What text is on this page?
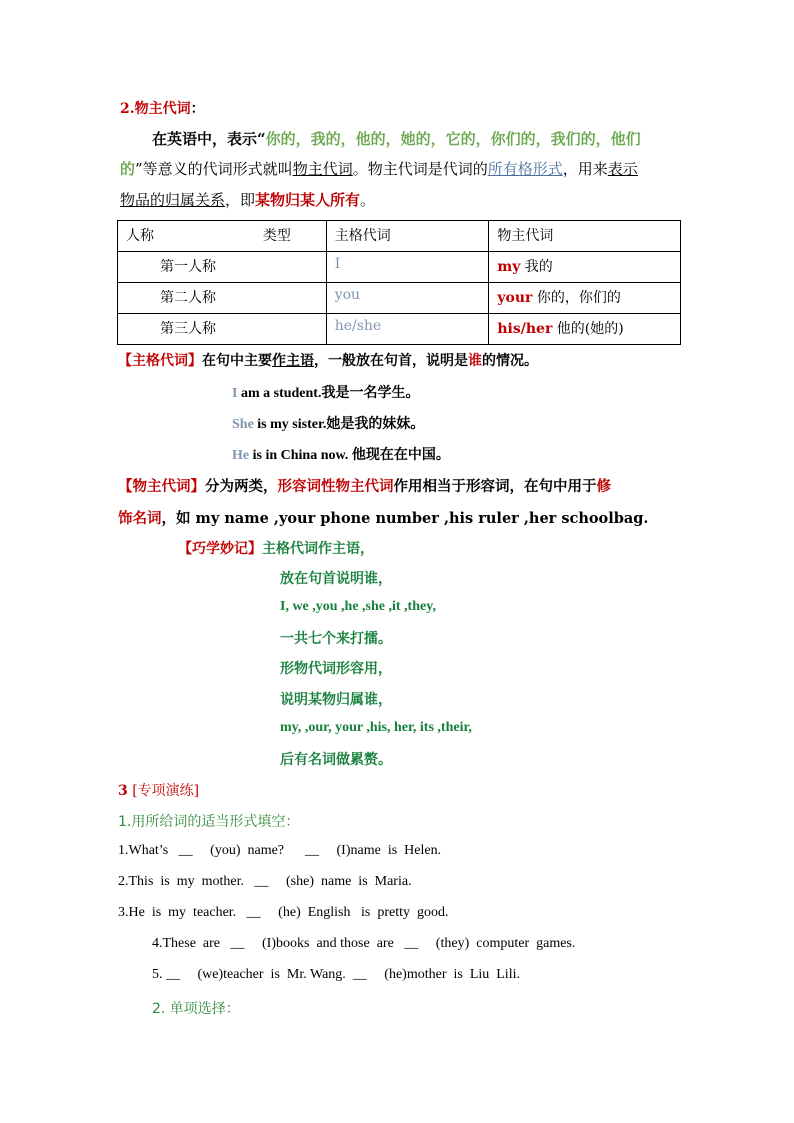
2.物主代词：
在英语中，表示“你的，我的，他的，她的，它的，你们的，我们的，他们
的”等意义的代词形式就叫物主代词。物主代词是代词的所有格形式，用来表示
物品的归属关系，即某物归某人所有。
人称 类型	主格代词	物主代词
第一人称	I	my 我的
第二人称	you	your 你的，你们的
第三人称	he/she	his/her 他的(她的)
【主格代词】在句中主要作主语，一般放在句首，说明是谁的情况。
I am a student.我是一名学生。
She is my sister.她是我的妹妹。
He is in China now. 他现在在中国。
【物主代词】分为两类，形容词性物主代词作用相当于形容词，在句中用于修
饰名词，如 my name ,your phone number ,his ruler ,her schoolbag.
【巧学妙记】主格代词作主语，
放在句首说明谁，
I, we ,you ,he ,she ,it ,they,
一共七个来打擂。
形物代词形容用，
说明某物归属谁，
my, ,our, your ,his, her, its ,their,
后有名词做累赘。
3 [专项演练]
1.用所给词的适当形式填空：
1.What’s   __     (you)  name?      __     (I)name  is  Helen.
2.This  is  my  mother.   __     (she)  name  is  Maria.
3.He  is  my  teacher.   __     (he)  English   is  pretty  good.
4.These  are   __     (I)books  and those  are   __     (they)  computer  games.
5. __     (we)teacher  is  Mr. Wang.  __     (he)mother  is  Liu  Lili.
2. 单项选择：
